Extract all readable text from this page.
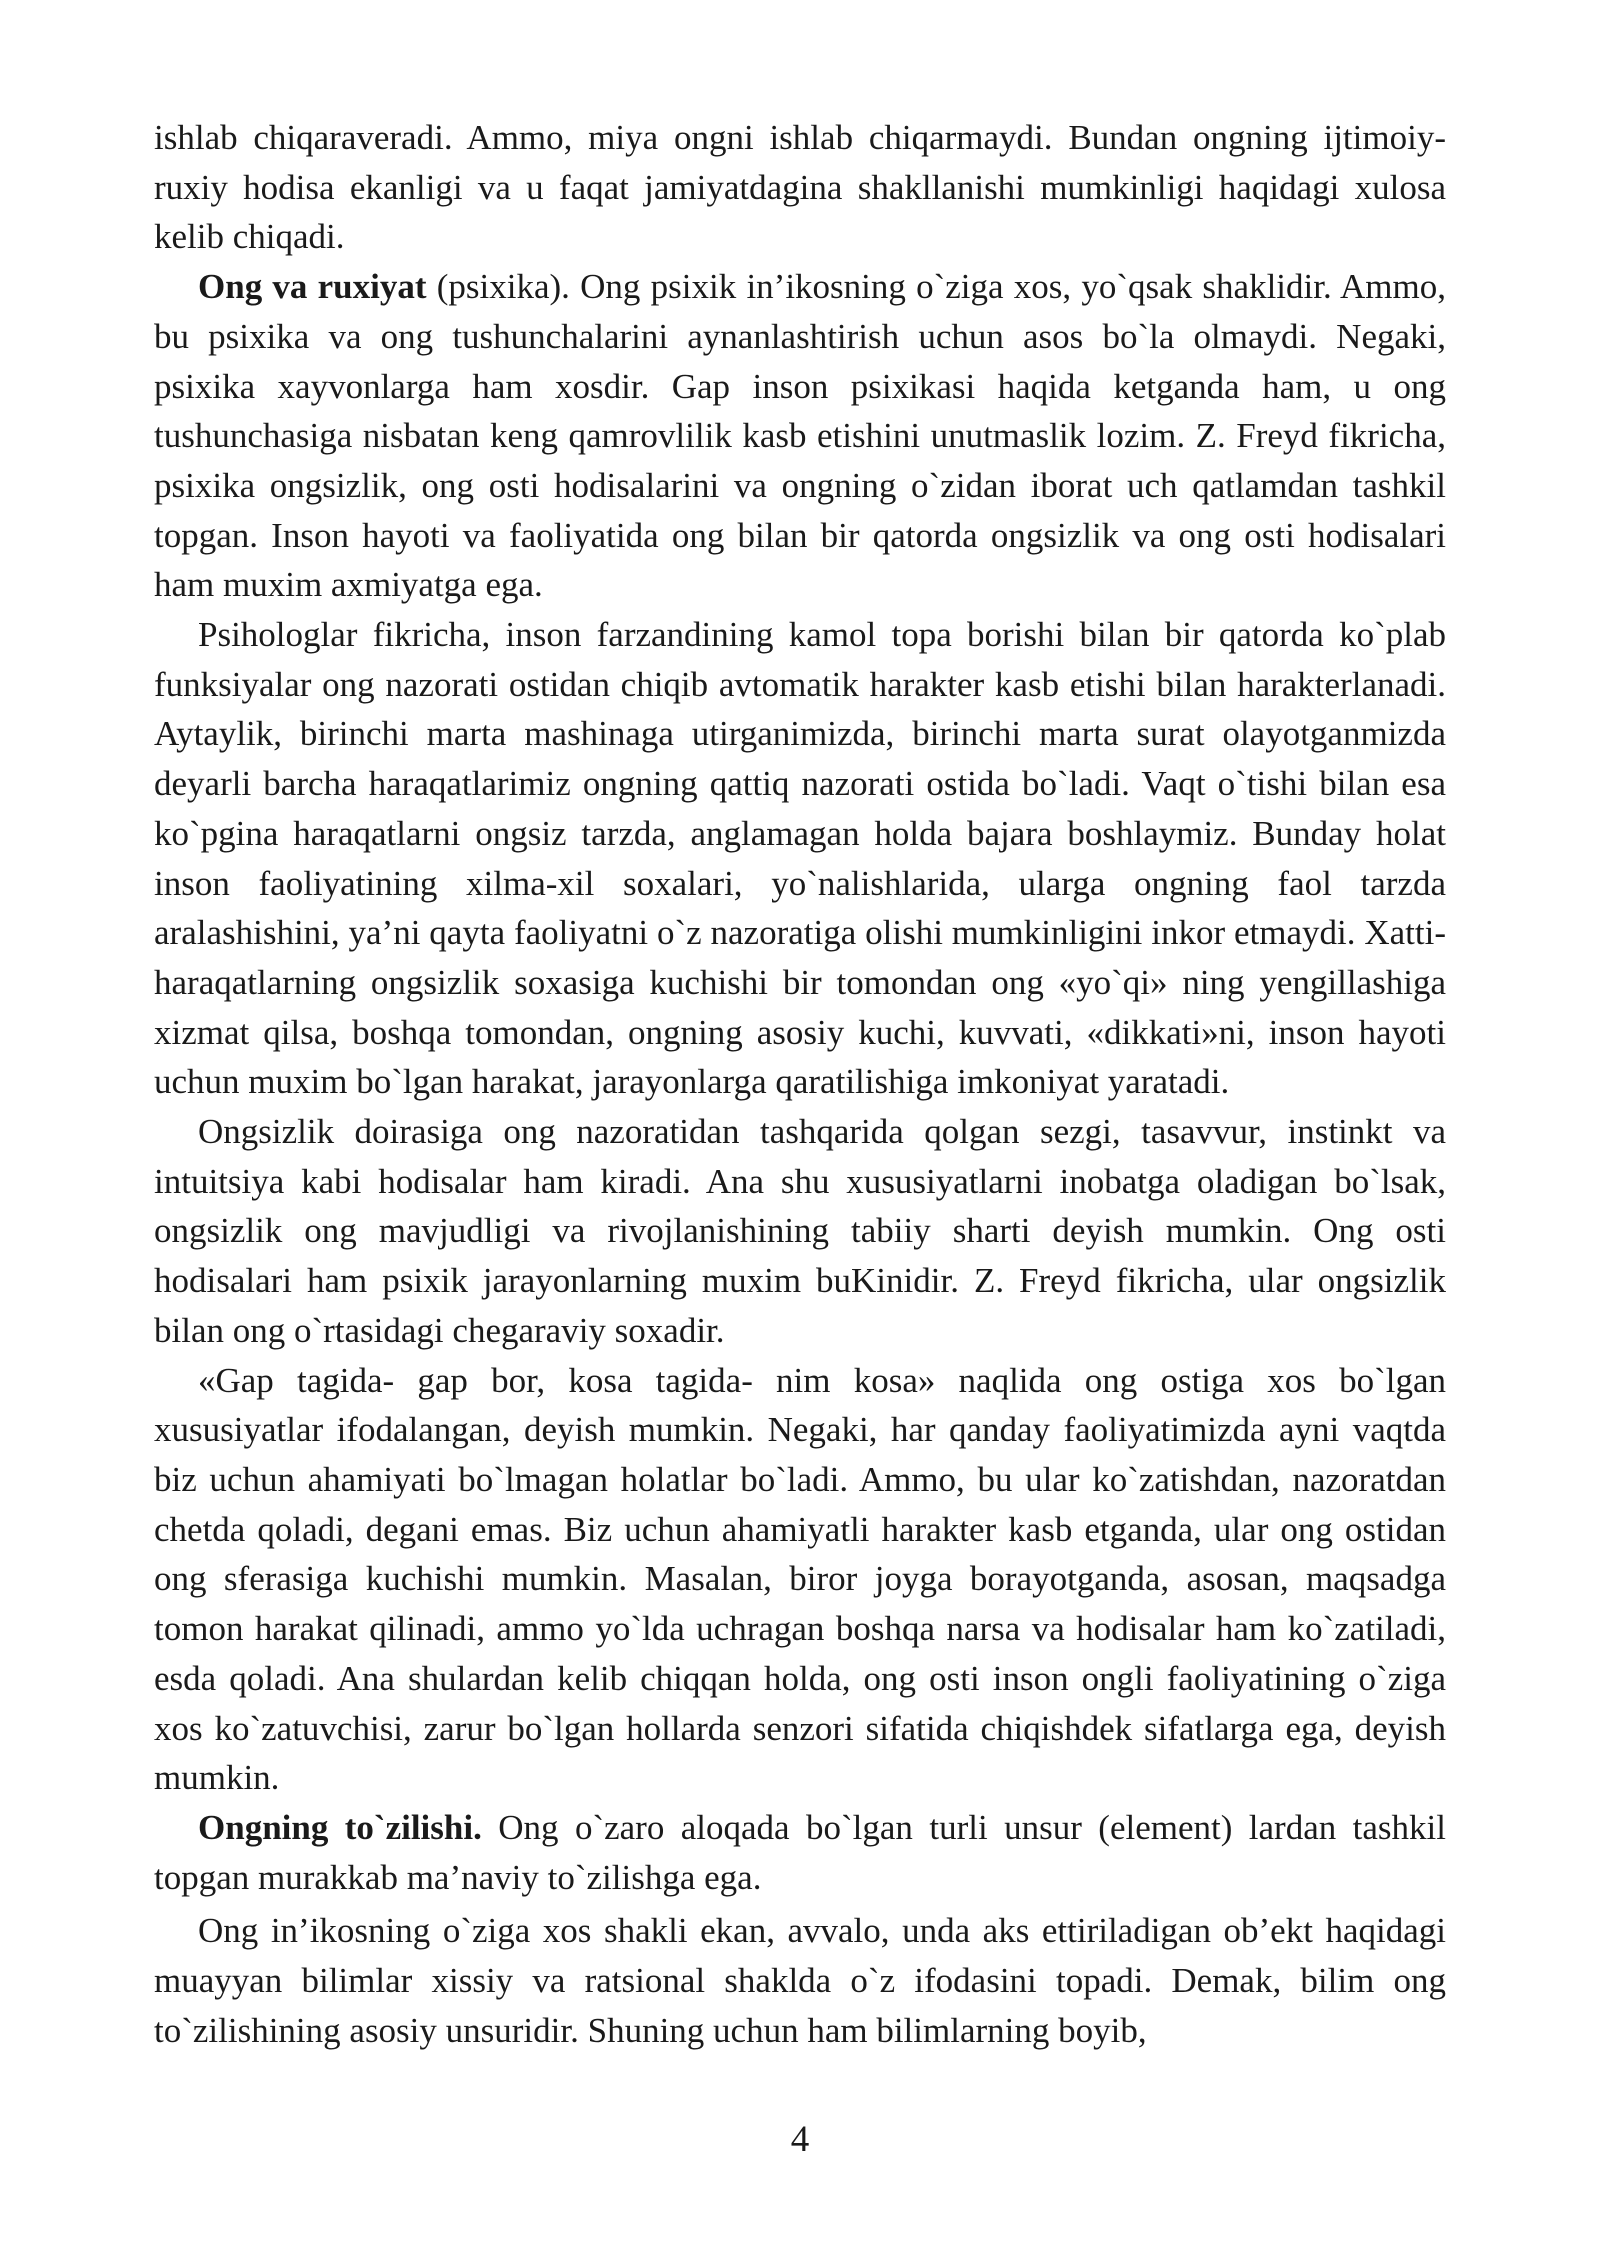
ishlab chiqaraveradi. Ammo, miya ongni ishlab chiqarmaydi. Bundan ongning ijtimoiy-ruxiy hodisa ekanligi va u faqat jamiyatdagina shakllanishi mumkinligi haqidagi xulosa kelib chiqadi.

Ong va ruxiyat (psixika). Ong psixik in’ikosning o`ziga xos, yo`qsak shaklidir. Ammo, bu psixika va ong tushunchalarini aynanlashtirish uchun asos bo`la olmaydi. Negaki, psixika xayvonlarga ham xosdir. Gap inson psixikasi haqida ketganda ham, u ong tushunchasiga nisbatan keng qamrovlilik kasb etishini unutmaslik lozim. Z. Freyd fikricha, psixika ongsizlik, ong osti hodisalarini va ongning o`zidan iborat uch qatlamdan tashkil topgan. Inson hayoti va faoliyatida ong bilan bir qatorda ongsizlik va ong osti hodisalari ham muxim axmiyatga ega.

Psihologlar fikricha, inson farzandining kamol topa borishi bilan bir qatorda ko`plab funksiyalar ong nazorati ostidan chiqib avtomatik harakter kasb etishi bilan harakterlanadi. Aytaylik, birinchi marta mashinaga utirganimizda, birinchi marta surat olayotganmizda deyarli barcha haraqatlarimiz ongning qattiq nazorati ostida bo`ladi. Vaqt o`tishi bilan esa ko`pgina haraqatlarni ongsiz tarzda, anglamagan holda bajara boshlaymiz. Bunday holat inson faoliyatining xilma-xil soxalari, yo`nalishlarida, ularga ongning faol tarzda aralashishini, ya’ni qayta faoliyatni o`z nazoratiga olishi mumkinligini inkor etmaydi. Xatti-haraqatlarning ongsizlik soxasiga kuchishi bir tomondan ong «yo`qi» ning yengillashiga xizmat qilsa, boshqa tomondan, ongning asosiy kuchi, kuvvati, «dikkati»ni, inson hayoti uchun muxim bo`lgan harakat, jarayonlarga qaratilishiga imkoniyat yaratadi.

Ongsizlik doirasiga ong nazoratidan tashqarida qolgan sezgi, tasavvur, instinkt va intuitsiya kabi hodisalar ham kiradi. Ana shu xususiyatlarni inobatga oladigan bo`lsak, ongsizlik ong mavjudligi va rivojlanishining tabiiy sharti deyish mumkin. Ong osti hodisalari ham psixik jarayonlarning muxim buKinidir. Z. Freyd fikricha, ular ongsizlik bilan ong o`rtasidagi chegaraviy soxadir.

«Gap tagida- gap bor, kosa tagida- nim kosa» naqlida ong ostiga xos bo`lgan xususiyatlar ifodalangan, deyish mumkin. Negaki, har qanday faoliyatimizda ayni vaqtda biz uchun ahamiyati bo`lmagan holatlar bo`ladi. Ammo, bu ular ko`zatishdan, nazoratdan chetda qoladi, degani emas. Biz uchun ahamiyatli harakter kasb etganda, ular ong ostidan ong sferasiga kuchishi mumkin. Masalan, biror joyga borayotganda, asosan, maqsadga tomon harakat qilinadi, ammo yo`lda uchragan boshqa narsa va hodisalar ham ko`zatiladi, esda qoladi. Ana shulardan kelib chiqqan holda, ong osti inson ongli faoliyatining o`ziga xos ko`zatuvchisi, zarur bo`lgan hollarda senzori sifatida chiqishdek sifatlarga ega, deyish mumkin.

Ongning to`zilishi. Ong o`zaro aloqada bo`lgan turli unsur (element) lardan tashkil topgan murakkab ma’naviy to`zilishga ega.

Ong in’ikosning o`ziga xos shakli ekan, avvalo, unda aks ettiriladigan ob’ekt haqidagi muayyan bilimlar xissiy va ratsional shaklda o`z ifodasini topadi. Demak, bilim ong to`zilishining asosiy unsuridir. Shuning uchun ham bilimlarning boyib,

4
